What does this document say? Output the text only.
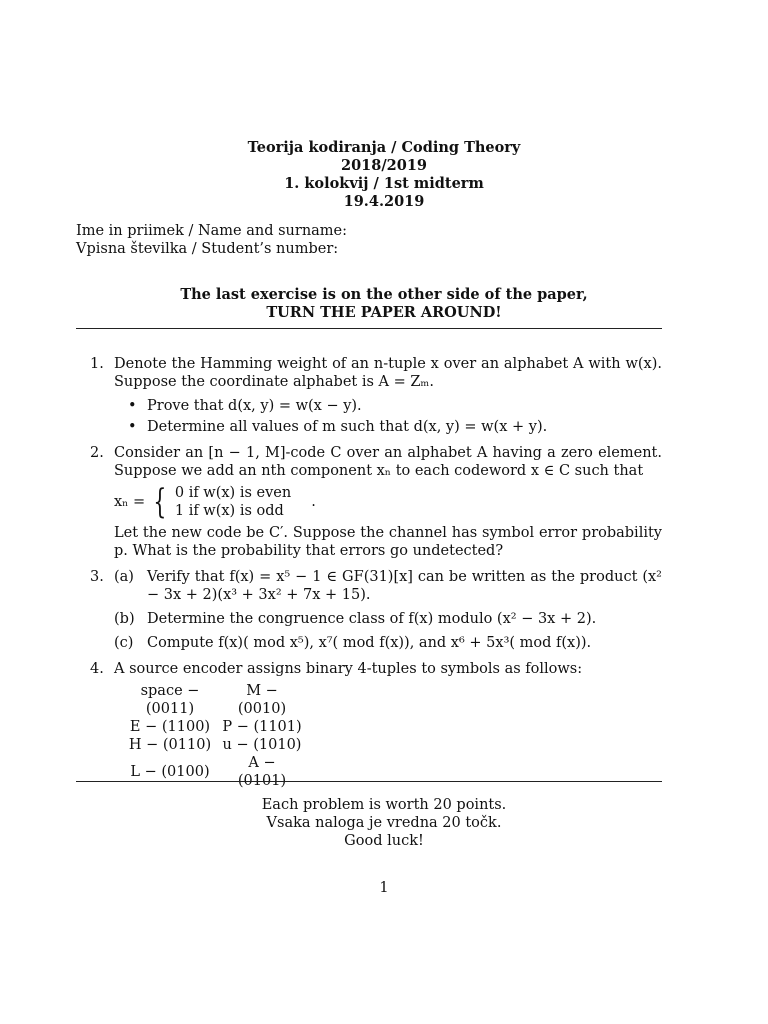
Teorija kodiranja / Coding Theory
2018/2019
1. kolokvij / 1st midterm
19.4.2019
Ime in priimek / Name and surname:
Vpisna številka / Student’s number:
The last exercise is on the other side of the paper,
TURN THE PAPER AROUND!
1. Denote the Hamming weight of an n-tuple x over an alphabet A with w(x). Suppose the coordinate alphabet is A = Zₘ.
• Prove that d(x, y) = w(x − y).
• Determine all values of m such that d(x, y) = w(x + y).
2. Consider an [n − 1, M]-code C over an alphabet A having a zero element. Suppose we add an nth component xₙ to each codeword x ∈ C such that
xₙ = { 0 if w(x) is even
1 if w(x) is odd
.
Let the new code be C′. Suppose the channel has symbol error probability p. What is the probability that errors go undetected?
3. (a) Verify that f(x) = x⁵ − 1 ∈ GF(31)[x] can be written as the product (x² − 3x + 2)(x³ + 3x² + 7x + 15).
(b) Determine the congruence class of f(x) modulo (x² − 3x + 2).
(c) Compute f(x)( mod x⁵), x⁷( mod f(x)), and x⁶ + 5x³( mod f(x)).
4. A source encoder assigns binary 4-tuples to symbols as follows:
space − (0011)	M − (0010)
E − (1100)	P − (1101)
H − (0110)	u − (1010)
L − (0100)	A − (0101)
Each problem is worth 20 points.
Vsaka naloga je vredna 20 točk.
Good luck!
1
